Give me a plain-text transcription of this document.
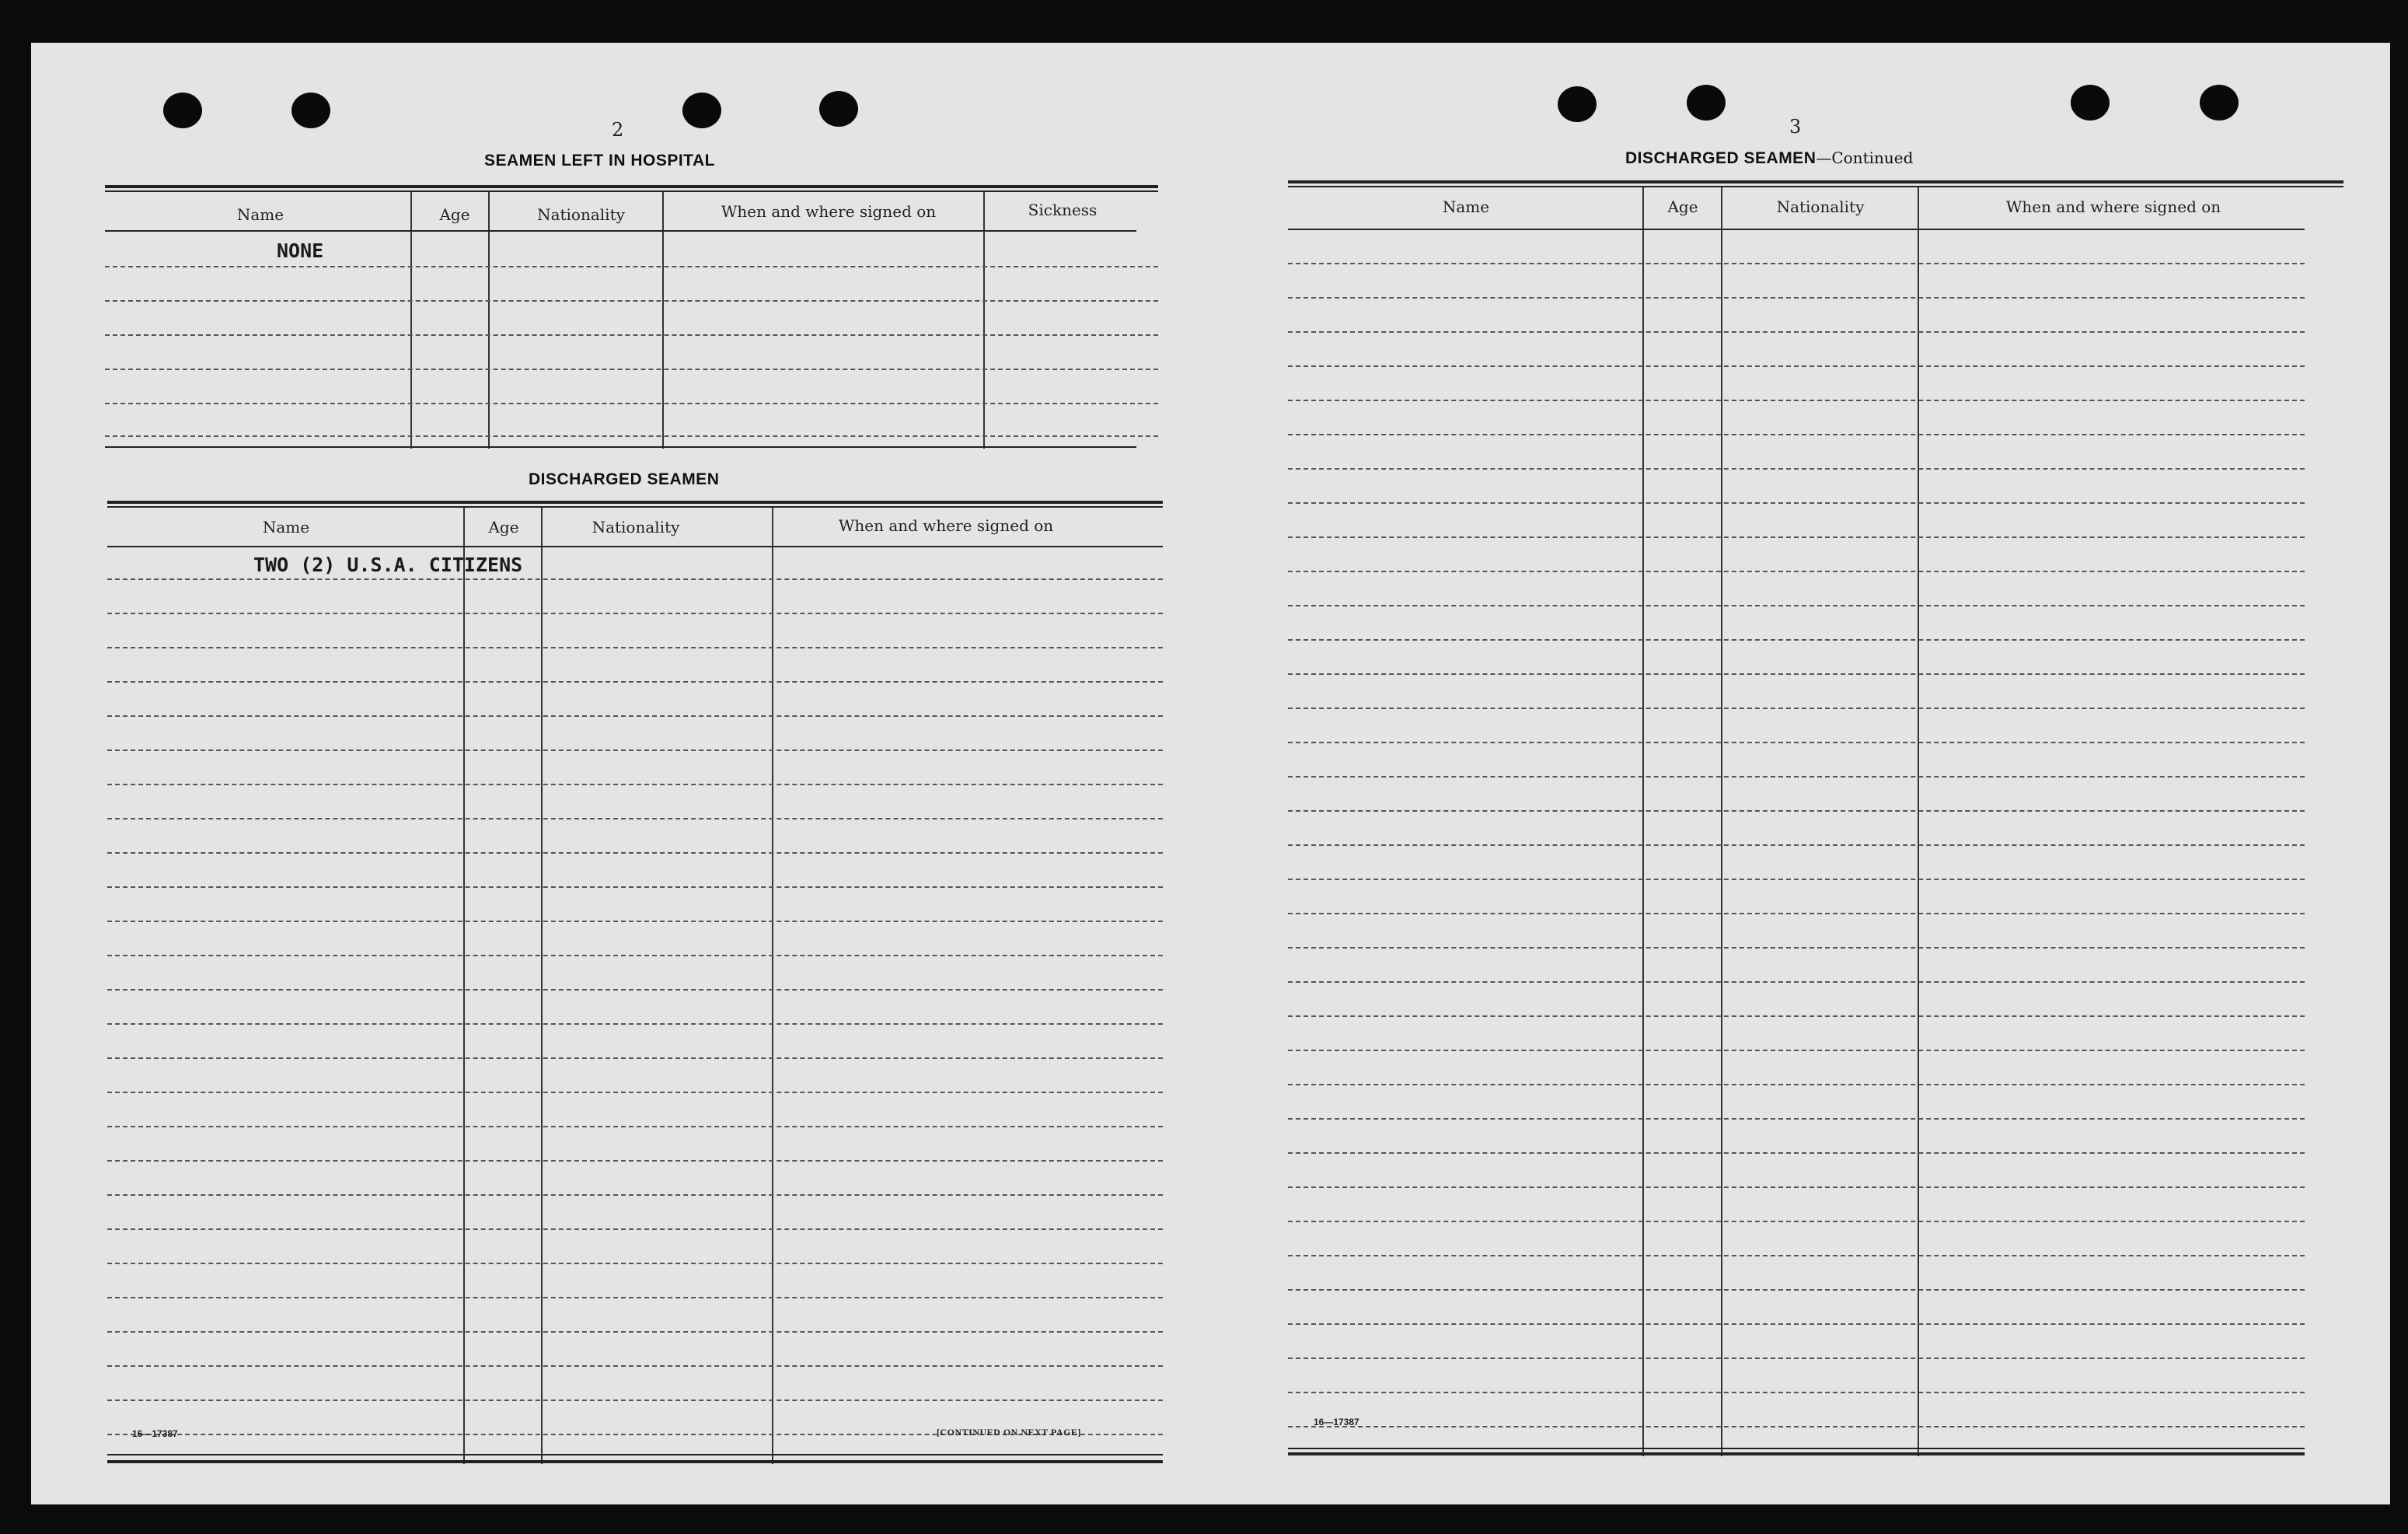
2
SEAMEN LEFT IN HOSPITAL
Name	Age	Nationality	When and where signed on	Sickness
NONE
DISCHARGED SEAMEN
Name	Age	Nationality	When and where signed on
TWO (2) U.S.A. CITIZENS
16—17387	[CONTINUED ON NEXT PAGE]
3
DISCHARGED SEAMEN—Continued
Name	Age	Nationality	When and where signed on
16—17387
